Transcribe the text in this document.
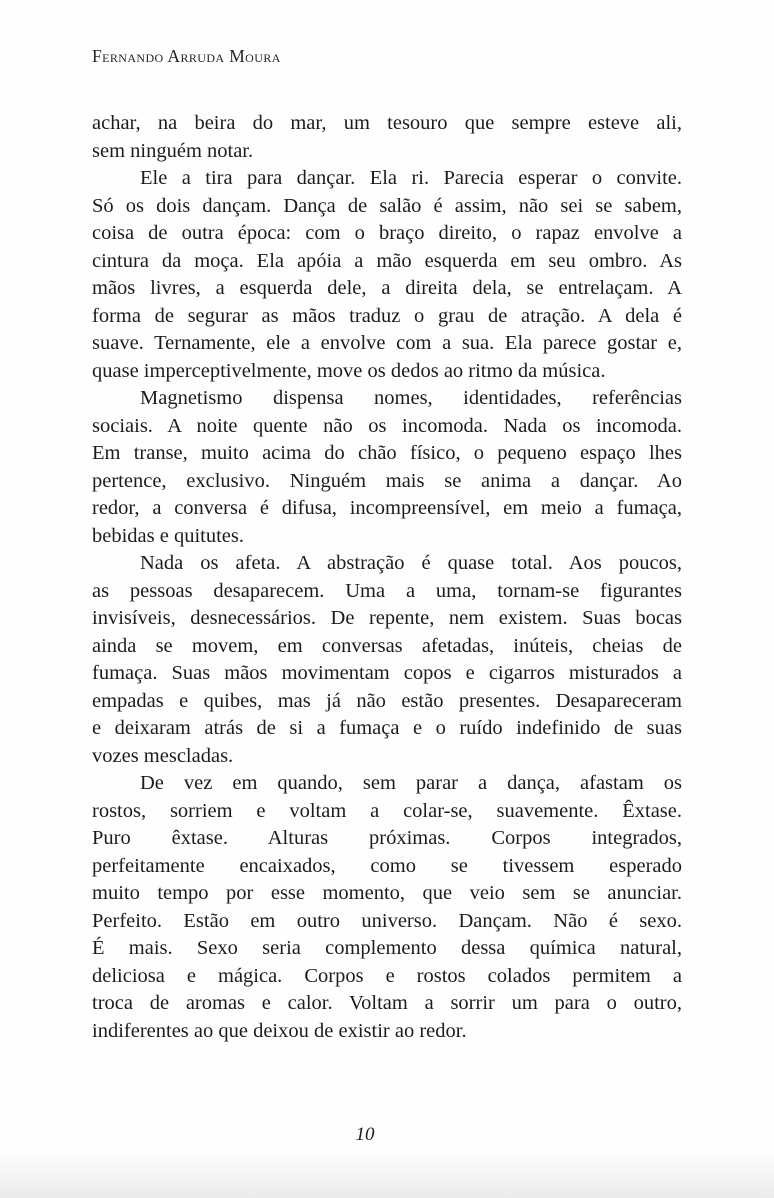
Fernando Arruda Moura
achar, na beira do mar, um tesouro que sempre esteve ali,
sem ninguém notar.
Ele a tira para dançar. Ela ri. Parecia esperar o convite.
Só os dois dançam. Dança de salão é assim, não sei se sabem,
coisa de outra época: com o braço direito, o rapaz envolve a
cintura da moça. Ela apóia a mão esquerda em seu ombro. As
mãos livres, a esquerda dele, a direita dela, se entrelaçam. A
forma de segurar as mãos traduz o grau de atração. A dela é
suave. Ternamente, ele a envolve com a sua. Ela parece gostar e,
quase imperceptivelmente, move os dedos ao ritmo da música.
Magnetismo dispensa nomes, identidades, referências
sociais. A noite quente não os incomoda. Nada os incomoda.
Em transe, muito acima do chão físico, o pequeno espaço lhes
pertence, exclusivo. Ninguém mais se anima a dançar. Ao
redor, a conversa é difusa, incompreensível, em meio a fumaça,
bebidas e quitutes.
Nada os afeta. A abstração é quase total. Aos poucos,
as pessoas desaparecem. Uma a uma, tornam-se figurantes
invisíveis, desnecessários. De repente, nem existem. Suas bocas
ainda se movem, em conversas afetadas, inúteis, cheias de
fumaça. Suas mãos movimentam copos e cigarros misturados a
empadas e quibes, mas já não estão presentes. Desapareceram
e deixaram atrás de si a fumaça e o ruído indefinido de suas
vozes mescladas.
De vez em quando, sem parar a dança, afastam os
rostos, sorriem e voltam a colar-se, suavemente. Êxtase.
Puro êxtase. Alturas próximas. Corpos integrados,
perfeitamente encaixados, como se tivessem esperado
muito tempo por esse momento, que veio sem se anunciar.
Perfeito. Estão em outro universo. Dançam. Não é sexo.
É mais. Sexo seria complemento dessa química natural,
deliciosa e mágica. Corpos e rostos colados permitem a
troca de aromas e calor. Voltam a sorrir um para o outro,
indiferentes ao que deixou de existir ao redor.
10
